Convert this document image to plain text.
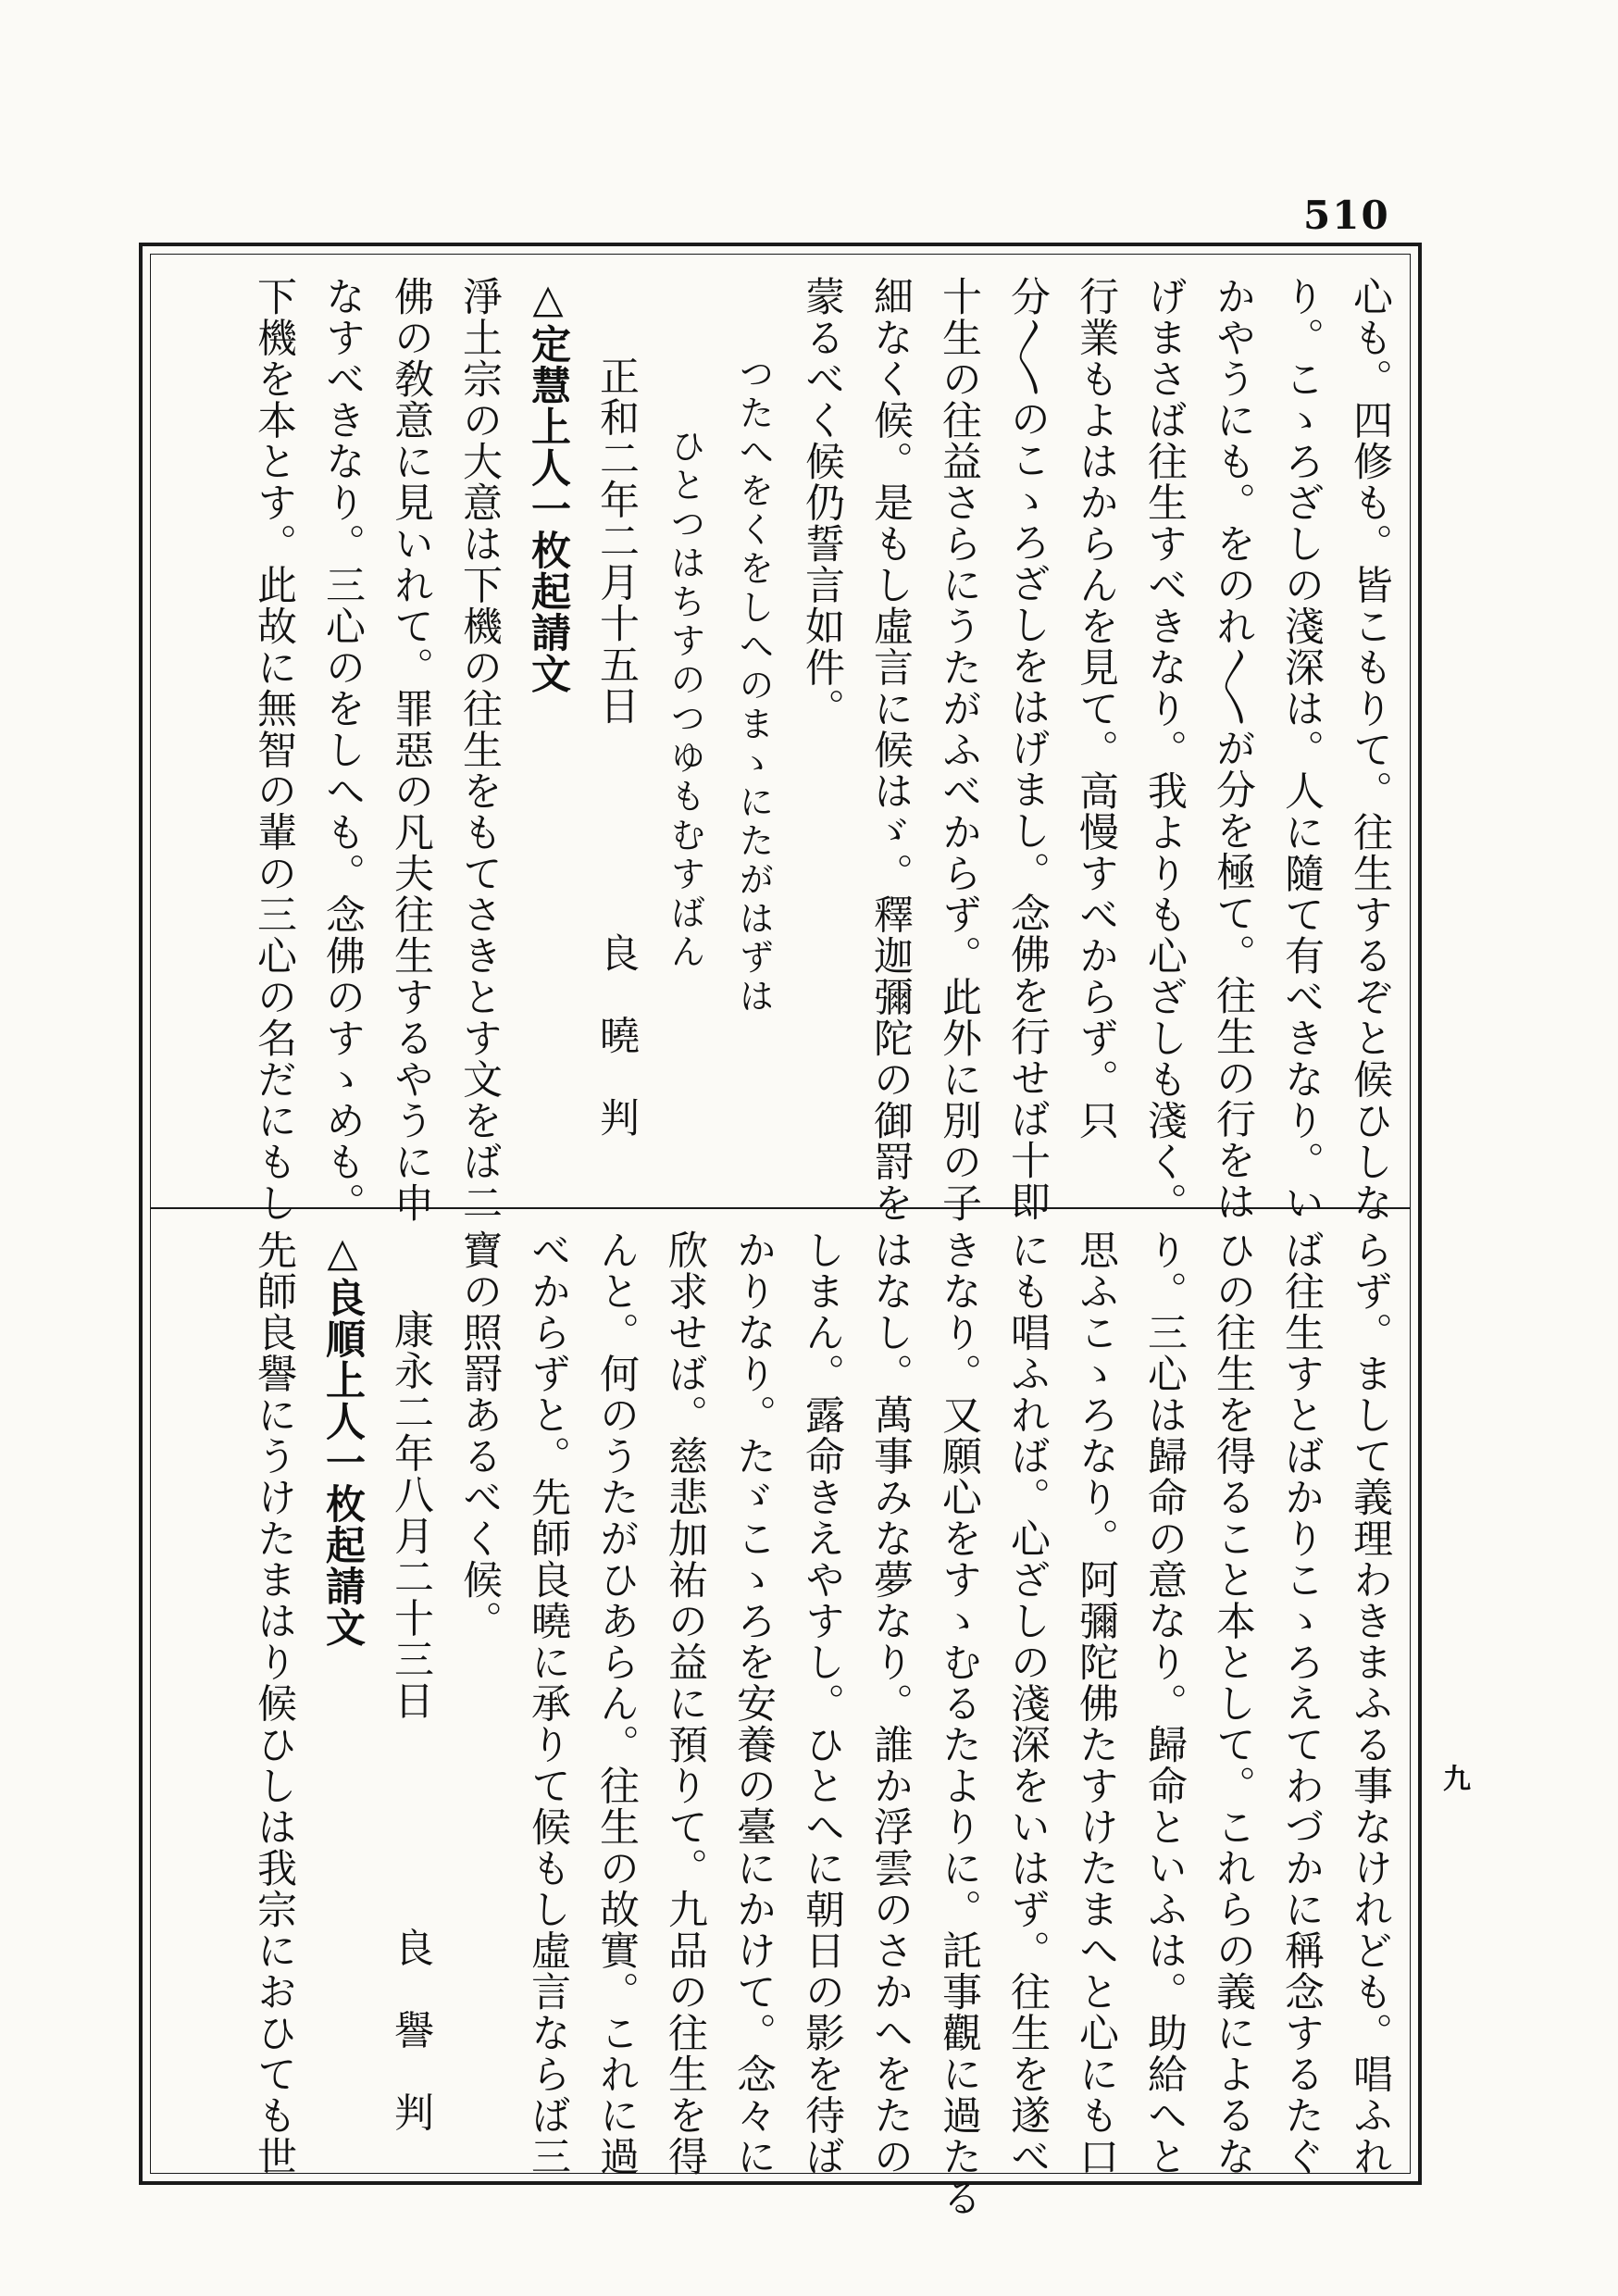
510
心も。四修も。皆こもりて。往生するぞと候ひしな
り。こゝろざしの淺深は。人に隨て有べきなり。い
かやうにも。をのれ〳〵が分を極て。往生の行をは
げまさば往生すべきなり。我よりも心ざしも淺く。
行業もよはからんを見て。高慢すべからず。只
分〳〵のこゝろざしをはげまし。念佛を行せば十即
十生の往益さらにうたがふべからず。此外に別の子
細なく候。是もし虛言に候はゞ。釋迦彌陀の御罸を
蒙るべく候仍誓言如件。
つたへをくをしへのまゝにたがはずは
ひとつはちすのつゆもむすばん
正和二年二月十五日　　　　　良　曉　判
△定慧上人一枚起請文
淨土宗の大意は下機の往生をもてさきとす文をば二
佛の敎意に見いれて。罪惡の凡夫往生するやうに申
なすべきなり。三心のをしへも。念佛のすゝめも。
下機を本とす。此故に無智の輩の三心の名だにもし
らず。まして義理わきまふる事なけれども。唱ふれ
ば往生すとばかりこゝろえてわづかに稱念するたぐ
ひの往生を得ること本として。これらの義によるな
り。三心は歸命の意なり。歸命といふは。助給へと
思ふこゝろなり。阿彌陀佛たすけたまへと心にも口
にも唱ふれば。心ざしの淺深をいはず。往生を遂べ
きなり。又願心をすゝむるたよりに。託事觀に過たる
はなし。萬事みな夢なり。誰か浮雲のさかへをたの
しまん。露命きえやすし。ひとへに朝日の影を待ば
かりなり。たゞこゝろを安養の臺にかけて。念々に
欣求せば。慈悲加祐の益に預りて。九品の往生を得
んと。何のうたがひあらん。往生の故實。これに過
べからずと。先師良曉に承りて候もし虛言ならば三
寶の照罸あるべく候。
康永二年八月二十三日　　　　　良　譽　判
△良順上人一枚起請文
先師良譽にうけたまはり候ひしは我宗におひても世	九
